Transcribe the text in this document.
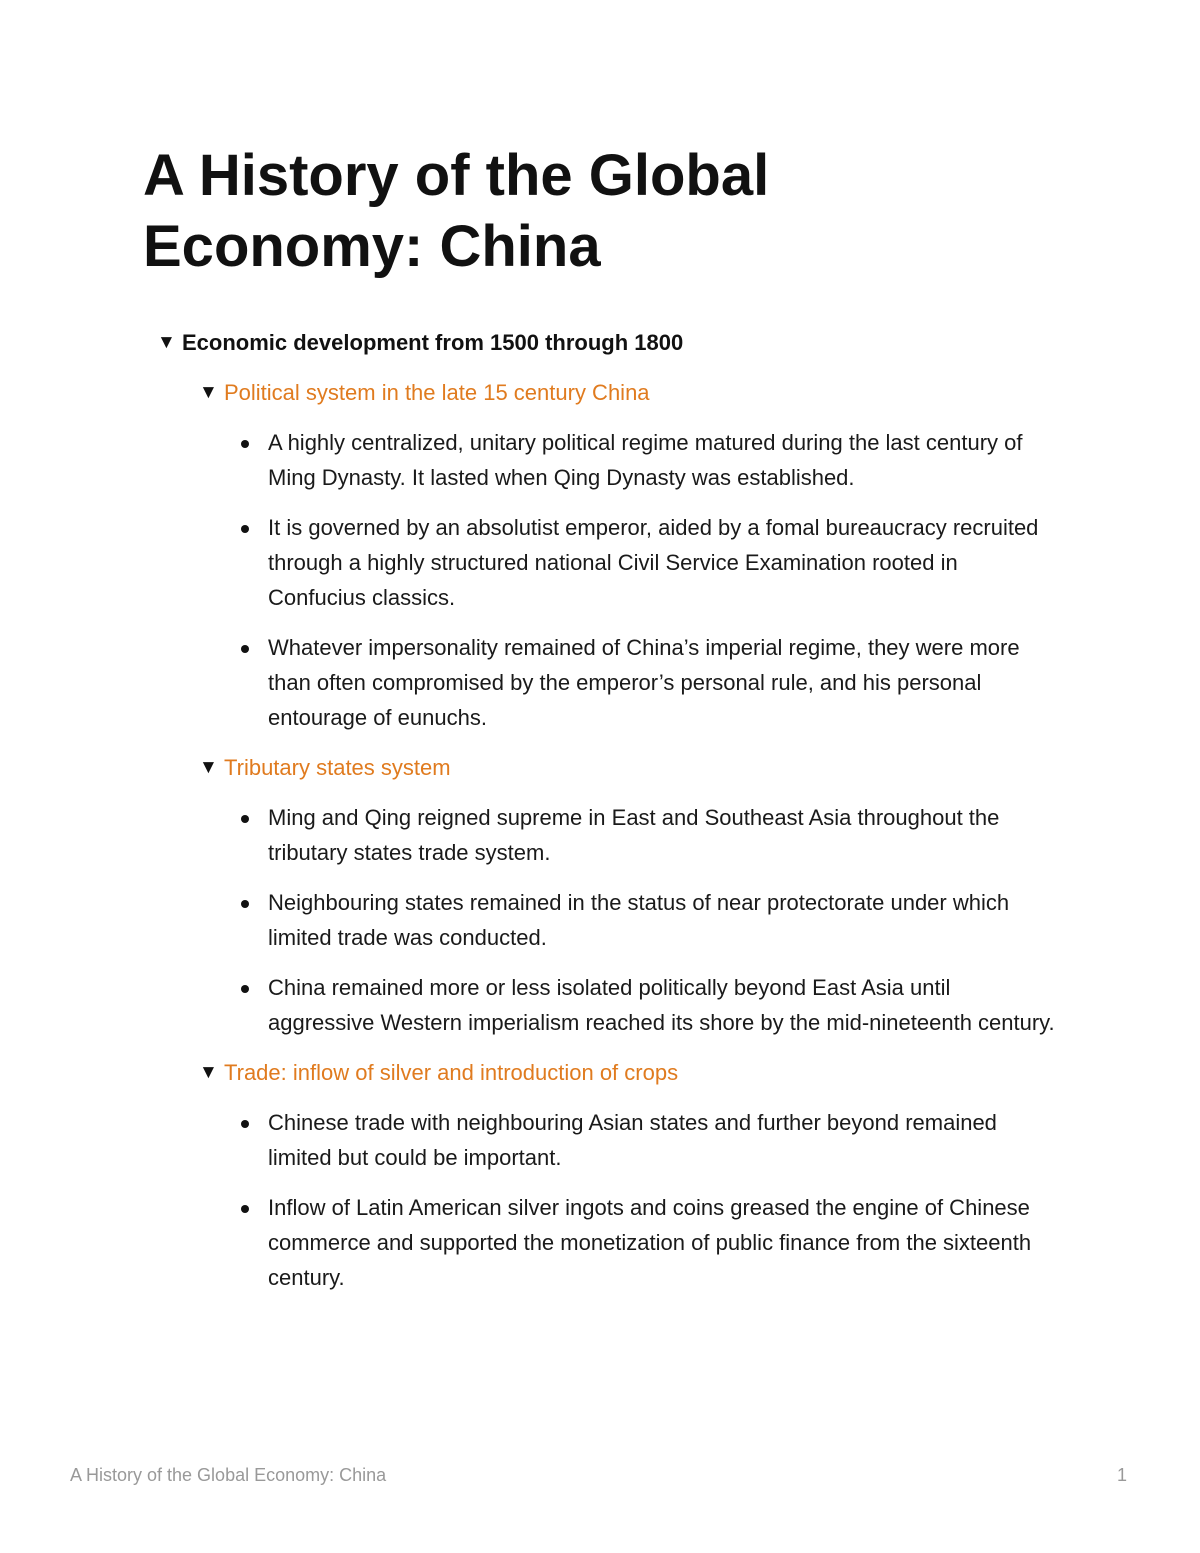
A History of the Global Economy: China
▼ Economic development from 1500 through 1800
▼ Political system in the late 15 century China
A highly centralized, unitary political regime matured during the last century of Ming Dynasty. It lasted when Qing Dynasty was established.
It is governed by an absolutist emperor, aided by a fomal bureaucracy recruited through a highly structured national Civil Service Examination rooted in Confucius classics.
Whatever impersonality remained of China’s imperial regime, they were more than often compromised by the emperor’s personal rule, and his personal entourage of eunuchs.
▼ Tributary states system
Ming and Qing reigned supreme in East and Southeast Asia throughout the tributary states trade system.
Neighbouring states remained in the status of near protectorate under which limited trade was conducted.
China remained more or less isolated politically beyond East Asia until aggressive Western imperialism reached its shore by the mid-nineteenth century.
▼ Trade: inflow of silver and introduction of crops
Chinese trade with neighbouring Asian states and further beyond remained limited but could be important.
Inflow of Latin American silver ingots and coins greased the engine of Chinese commerce and supported the monetization of public finance from the sixteenth century.
A History of the Global Economy: China	1
